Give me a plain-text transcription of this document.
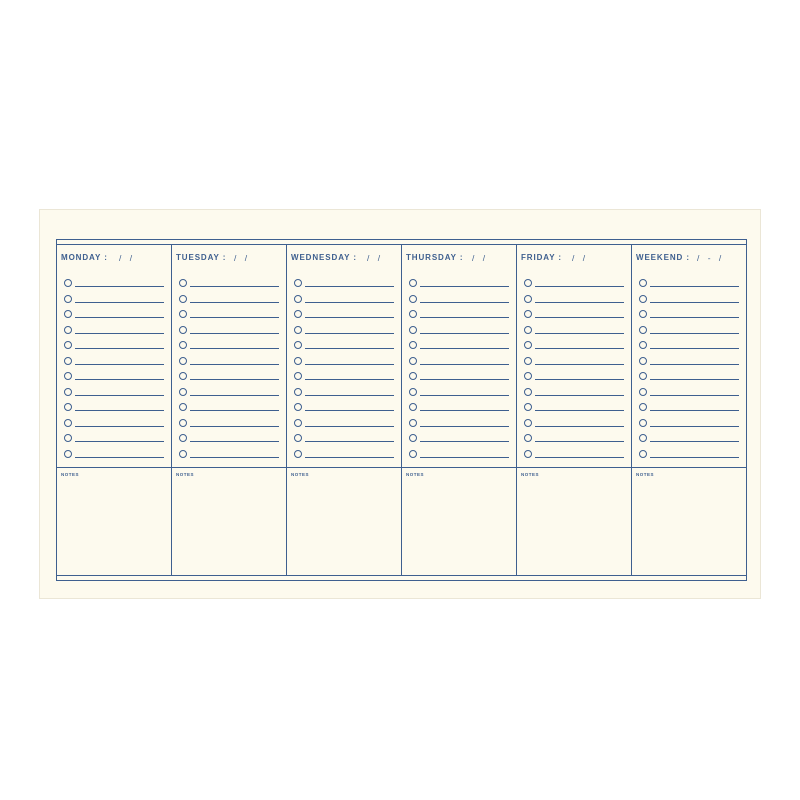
MONDAY : / /
NOTES
TUESDAY : / /
NOTES
WEDNESDAY : / /
NOTES
THURSDAY : / /
NOTES
FRIDAY : / /
NOTES
WEEKEND : / - /
NOTES
